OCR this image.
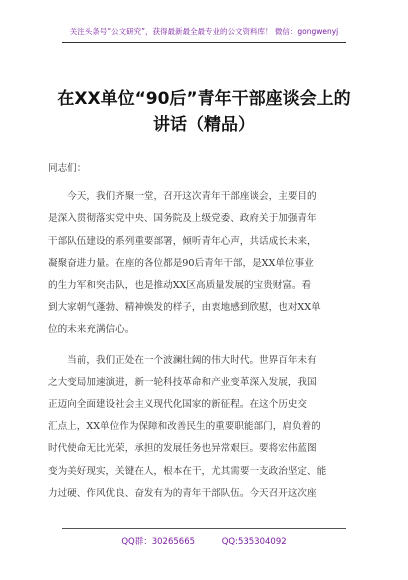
关注头条号“公文研究”，获得最新最全最专业的公文资料库！ 微信：gongwenyj
在XX单位“90后”青年干部座谈会上的
讲话（精品）
同志们：
　　今天，我们齐聚一堂，召开这次青年干部座谈会，主要目的
是深入贯彻落实党中央、国务院及上级党委、政府关于加强青年
干部队伍建设的系列重要部署，倾听青年心声，共话成长未来，
凝聚奋进力量。在座的各位都是90后青年干部，是XX单位事业
的生力军和突击队，也是推动XX区高质量发展的宝贵财富。看
到大家朝气蓬勃、精神焕发的样子，由衷地感到欣慰，也对XX单
位的未来充满信心。
　　当前，我们正处在一个波澜壮阔的伟大时代。世界百年未有
之大变局加速演进，新一轮科技革命和产业变革深入发展，我国
正迈向全面建设社会主义现代化国家的新征程。在这个历史交
汇点上，XX单位作为保障和改善民生的重要职能部门，肩负着的
时代使命无比光荣，承担的发展任务也异常艰巨。要将宏伟蓝图
变为美好现实，关键在人，根本在干，尤其需要一支政治坚定、能
力过硬、作风优良、奋发有为的青年干部队伍。今天召开这次座
QQ群：30265665	QQ:535304092
